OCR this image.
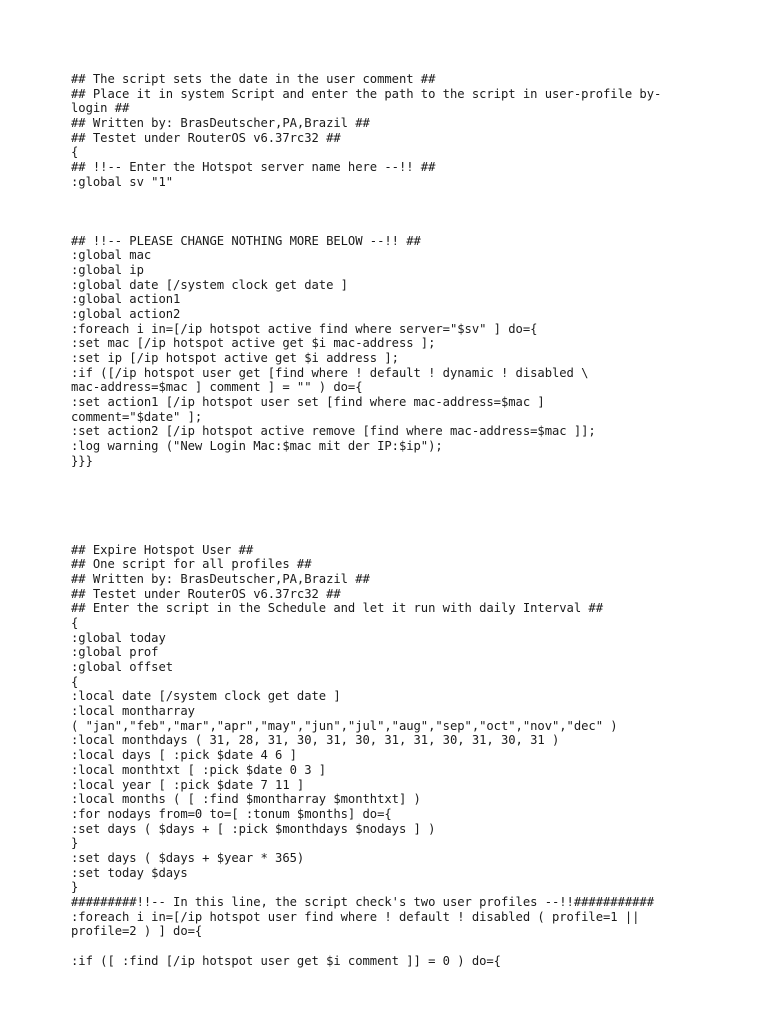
## The script sets the date in the user comment ##
## Place it in system Script and enter the path to the script in user-profile by-
login ##
## Written by: BrasDeutscher,PA,Brazil ##
## Testet under RouterOS v6.37rc32 ##
{
## !!-- Enter the Hotspot server name here --!! ##
:global sv "1"
## !!-- PLEASE CHANGE NOTHING MORE BELOW --!! ##
:global mac
:global ip
:global date [/system clock get date ]
:global action1
:global action2
:foreach i in=[/ip hotspot active find where server="$sv" ] do={
:set mac [/ip hotspot active get $i mac-address ];
:set ip [/ip hotspot active get $i address ];
:if ([/ip hotspot user get [find where ! default ! dynamic ! disabled \
mac-address=$mac ] comment ] = "" ) do={
:set action1 [/ip hotspot user set [find where mac-address=$mac ]
comment="$date" ];
:set action2 [/ip hotspot active remove [find where mac-address=$mac ]];
:log warning ("New Login Mac:$mac mit der IP:$ip");
}}}
## Expire Hotspot User ##
## One script for all profiles ##
## Written by: BrasDeutscher,PA,Brazil ##
## Testet under RouterOS v6.37rc32 ##
## Enter the script in the Schedule and let it run with daily Interval ##
{
:global today
:global prof
:global offset
{
:local date [/system clock get date ]
:local montharray
( "jan","feb","mar","apr","may","jun","jul","aug","sep","oct","nov","dec" )
:local monthdays ( 31, 28, 31, 30, 31, 30, 31, 31, 30, 31, 30, 31 )
:local days [ :pick $date 4 6 ]
:local monthtxt [ :pick $date 0 3 ]
:local year [ :pick $date 7 11 ]
:local months ( [ :find $montharray $monthtxt] )
:for nodays from=0 to=[ :tonum $months] do={
:set days ( $days + [ :pick $monthdays $nodays ] )
}
:set days ( $days + $year * 365)
:set today $days
}
#########!!-- In this line, the script check's two user profiles --!!###########
:foreach i in=[/ip hotspot user find where ! default ! disabled ( profile=1 ||
profile=2 ) ] do={
:if ([ :find [/ip hotspot user get $i comment ]] = 0 ) do={
